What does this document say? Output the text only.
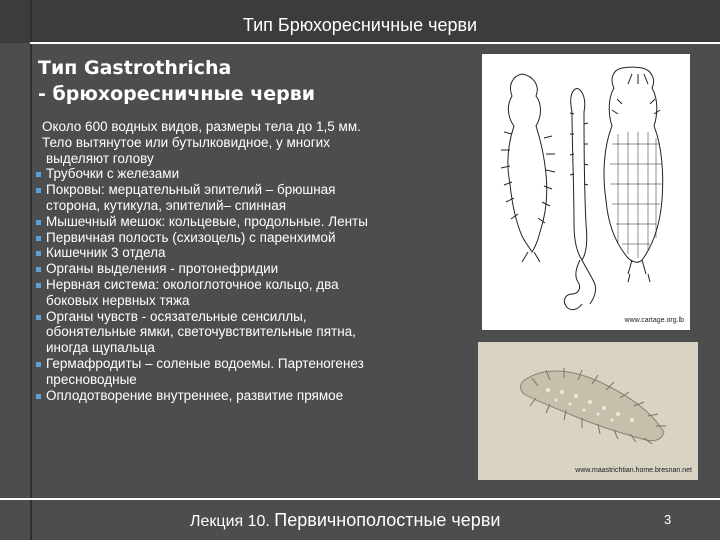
Тип Брюхоресничные черви
Тип Gastrothricha
- брюхоресничные черви
Около 600 водных видов, размеры тела до 1,5 мм.
Тело вытянутое или бутылковидное, у многих
выделяют голову
Трубочки с железами
Покровы: мерцательный эпителий – брюшная
сторона, кутикула, эпителий– спинная
Мышечный мешок: кольцевые, продольные. Ленты
Первичная полость (схизоцель) с паренхимой
Кишечник 3 отдела
Органы выделения - протонефридии
Нервная система: окологлоточное кольцо, два
боковых нервных тяжа
Органы чувств - осязательные сенсиллы,
обонятельные ямки, светочувствительные пятна,
иногда щупальца
Гермафродиты – соленые водоемы. Партеногенез
пресноводные
Оплодотворение внутреннее, развитие прямое
www.cartage.org.lb
www.maastrichtian.home.bresnan.net
Лекция 10. Первичнополостные черви	3
